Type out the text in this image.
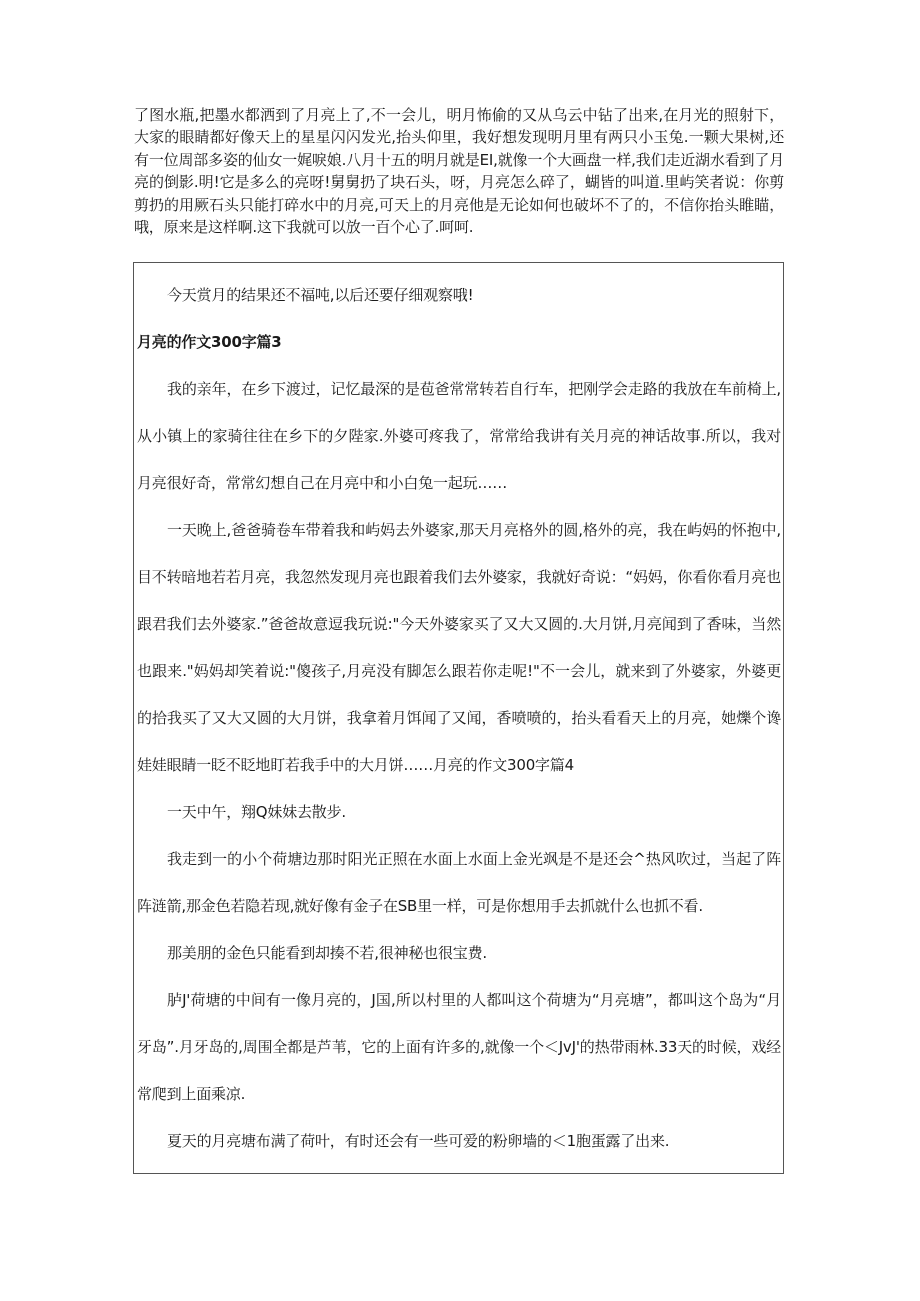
了图水瓶,把墨水都洒到了月亮上了,不一会儿，明月怖偷的又从乌云中钻了出来,在月光的照射下，大家的眼睛都好像天上的星星闪闪发光,抬头仰里，我好想发现明月里有两只小玉兔.一颗大果树,还有一位周部多姿的仙女一娓唳娘.八月十五的明月就是EI,就像一个大画盘一样,我们走近湖水看到了月亮的倒影.明!它是多么的亮呀!舅舅扔了块石头，呀，月亮怎么碎了，蝴皆的叫道.里屿笑者说：你剪剪扔的用厥石头只能打碎水中的月亮,可天上的月亮他是无论如何也破坏不了的，不信你抬头睢瞄，哦，原来是这样啊.这下我就可以放一百个心了.呵呵.

今天赏月的结果还不福吨,以后还要仔细观察哦!

月亮的作文300字篇3

我的亲年，在乡下渡过，记忆最深的是苞爸常常转若自行车，把刚学会走路的我放在车前椅上,从小镇上的家骑往往在乡下的夕陛家.外婆可疼我了，常常给我讲有关月亮的神话故事.所以，我对月亮很好奇，常常幻想自己在月亮中和小白兔一起玩……

一天晚上,爸爸骑卷车带着我和屿妈去外婆家,那天月亮格外的圆,格外的亮，我在屿妈的怀抱中,目不转暗地若若月亮，我忽然发现月亮也跟着我们去外婆家，我就好奇说：“妈妈，你看你看月亮也跟君我们去外婆家.”爸爸故意逗我玩说:"今天外婆家买了又大又圆的.大月饼,月亮闻到了香味，当然也跟来."妈妈却笑着说:"傻孩子,月亮没有脚怎么跟若你走呢!"不一会儿，就来到了外婆家，外婆更的拾我买了又大又圆的大月饼，我拿着月饵闻了又闻，香喷喷的，抬头看看天上的月亮，她爍个谗娃娃眼睛一眨不眨地盯若我手中的大月饼……月亮的作文300字篇4

一天中午，翔Q妹妹去散步.

我走到一的小个荷塘边那时阳光正照在水面上水面上金光飒是不是还会^热风吹过，当起了阵阵涟箭,那金色若隐若现,就好像有金子在SB里一样，可是你想用手去抓就什么也抓不看.

那美朋的金色只能看到却揍不若,很神秘也很宝费.

胪J'荷塘的中间有一像月亮的，J国,所以村里的人都叫这个荷塘为“月亮塘”，都叫这个岛为“月牙岛”.月牙岛的,周围全都是芦苇，它的上面有许多的,就像一个＜JvJ'的热带雨林.33天的时候，戏经常爬到上面乘凉.

夏天的月亮塘布满了荷叶，有时还会有一些可爱的粉卵墙的＜1胞蛋露了出来.
